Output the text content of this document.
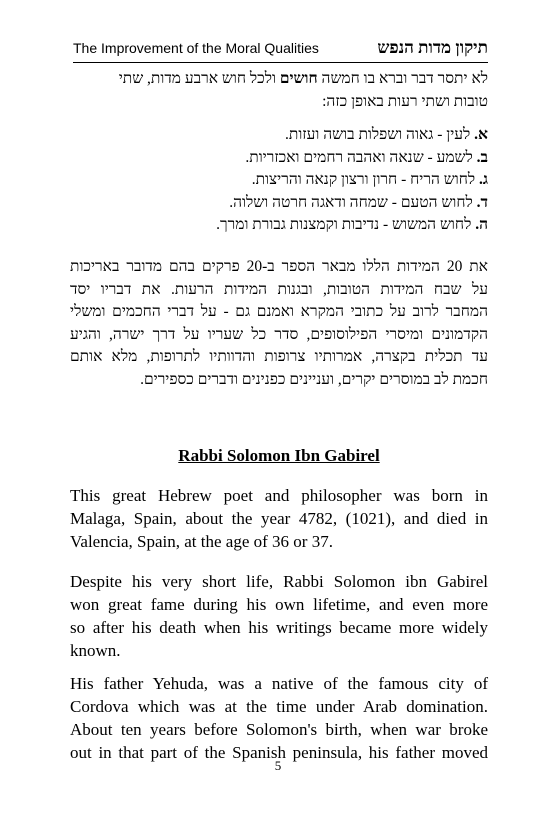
The Improvement of the Moral Qualities	תיקון מדות הנפש
לא יתסר דבר וברא בו חמשה חושים ולכל חוש ארבע מדות, שתי
טובות ושתי רעות באופן כזה:
א. לעין - גאוה ושפלות בושה ועזות.
ב. לשמע - שנאה ואהבה רחמים ואכזריות.
ג. לחוש הריח - חרון ורצון קנאה והריצות.
ד. לחוש הטעם - שמחה ודאגה חרטה ושלוה.
ה. לחוש המשוש - נדיבות וקמצנות גבורת ומרך.
את 20 המידות הללו מבאר הספר ב-20 פרקים בהם מדובר באריכות
על שבח המידות הטובות, ובגנות המידות הרעות. את דבריו יסד
המחבר לרוב על כתובי המקרא ואמנם גם - על דברי החכמים ומשלי
הקדמונים ומיסרי הפילוסופים, סדר כל שעריו על דרך ישרה, והגיע
עד תכלית בקצרה, אמרותיו צרופות והדוותיו לתרופות, מלא אותם
חכמת לב במוסרים יקרים, ועניינים כפנינים ודברים כספירים.
Rabbi Solomon Ibn Gabirel

This great Hebrew poet and philosopher was born in
Malaga, Spain, about the year 4782, (1021), and died in
Valencia, Spain, at the age of 36 or 37.

Despite his very short life, Rabbi Solomon ibn Gabirel
won great fame during his own lifetime, and even more
so after his death when his writings became more widely
known.

His father Yehuda, was a native of the famous city of
Cordova which was at the time under Arab domination.
About ten years before Solomon's birth, when war broke
out in that part of the Spanish peninsula, his father moved

5
